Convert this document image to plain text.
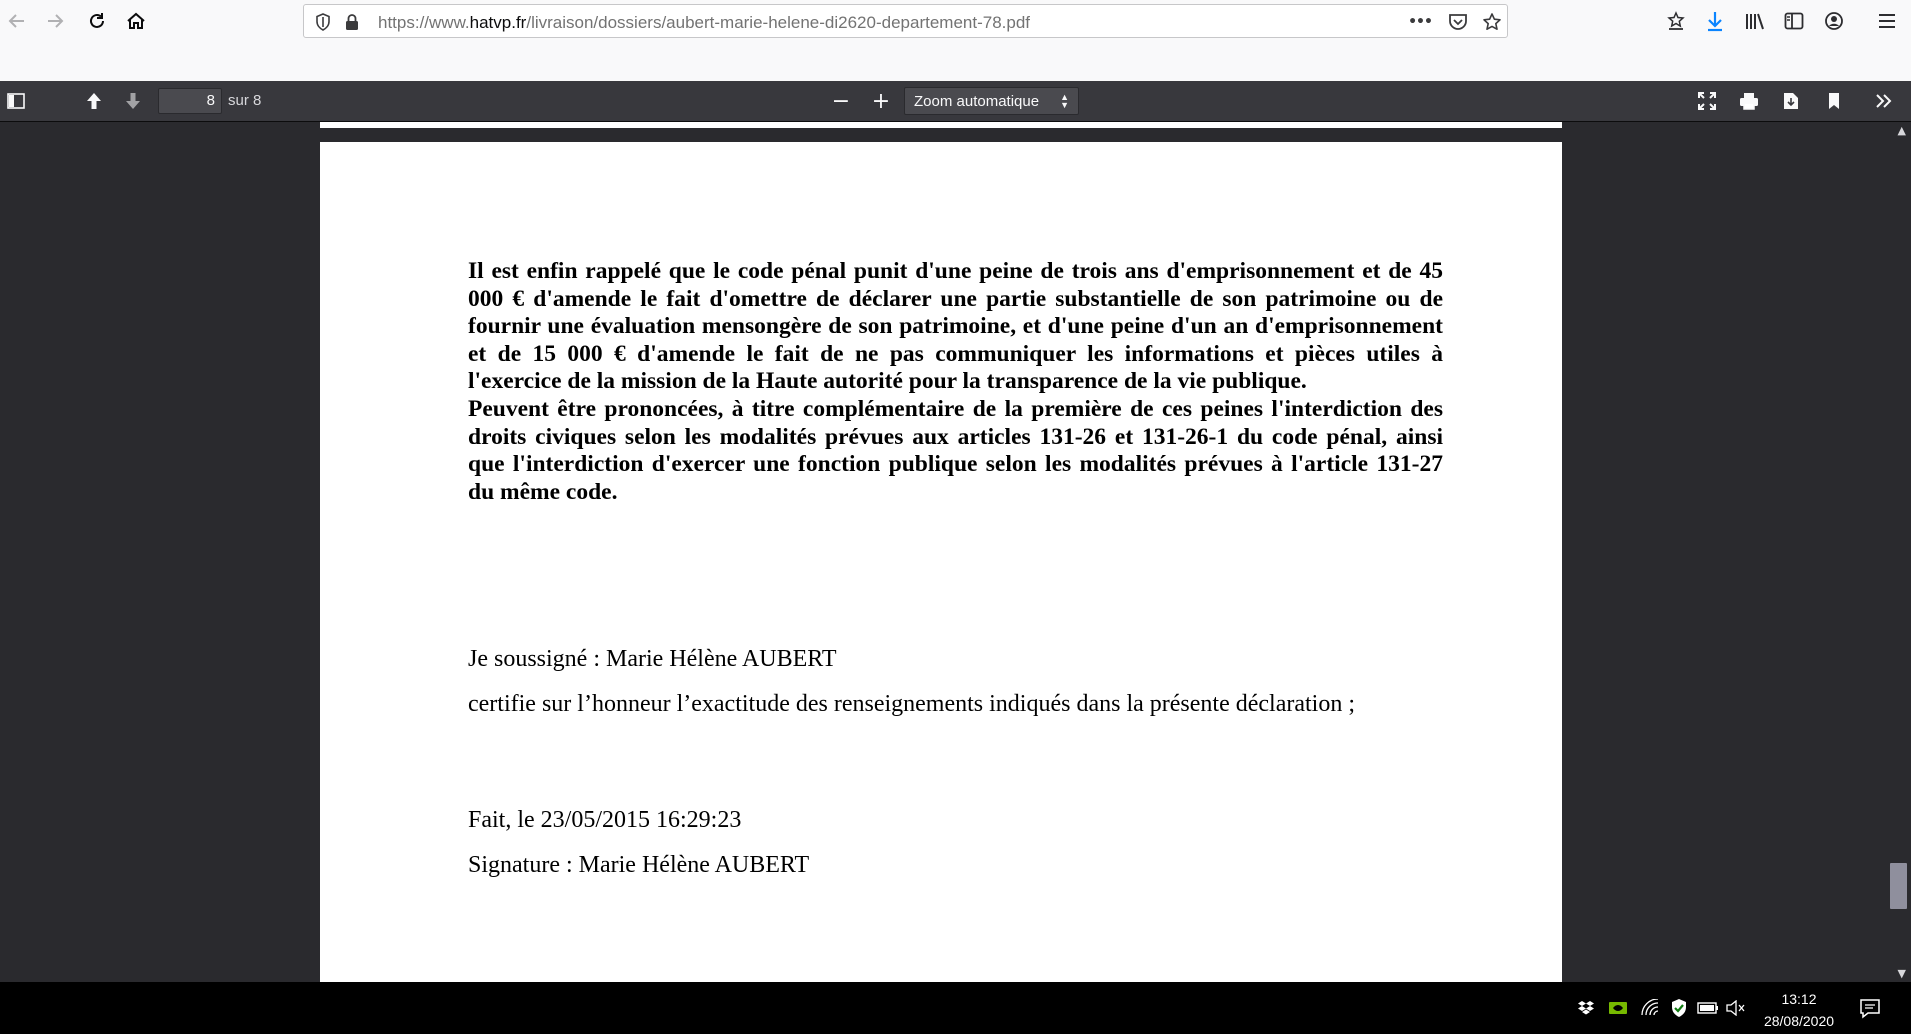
https://www.hatvp.fr/livraison/dossiers/aubert-marie-helene-di2620-departement-78.pdf	•••
8 sur 8	− +	Zoom automatique ▲
▼

Il est enfin rappelé que le code pénal punit d'une peine de trois ans d'emprisonnement et de 45 000 € d'amende le fait d'omettre de déclarer une partie substantielle de son patrimoine ou de fournir une évaluation mensongère de son patrimoine, et d'une peine d'un an d'emprisonnement et de 15 000 € d'amende le fait de ne pas communiquer les informations et pièces utiles à l'exercice de la mission de la Haute autorité pour la transparence de la vie publique.

Peuvent être prononcées, à titre complémentaire de la première de ces peines l'interdiction des droits civiques selon les modalités prévues aux articles 131-26 et 131-26-1 du code pénal, ainsi que l'interdiction d'exercer une fonction publique selon les modalités prévues à l'article 131-27 du même code.

Je soussigné : Marie Hélène AUBERT
certifie sur l’honneur l’exactitude des renseignements indiqués dans la présente déclaration ;
Fait, le 23/05/2015 16:29:23
Signature : Marie Hélène AUBERT
▲
▼
13:12
28/08/2020
